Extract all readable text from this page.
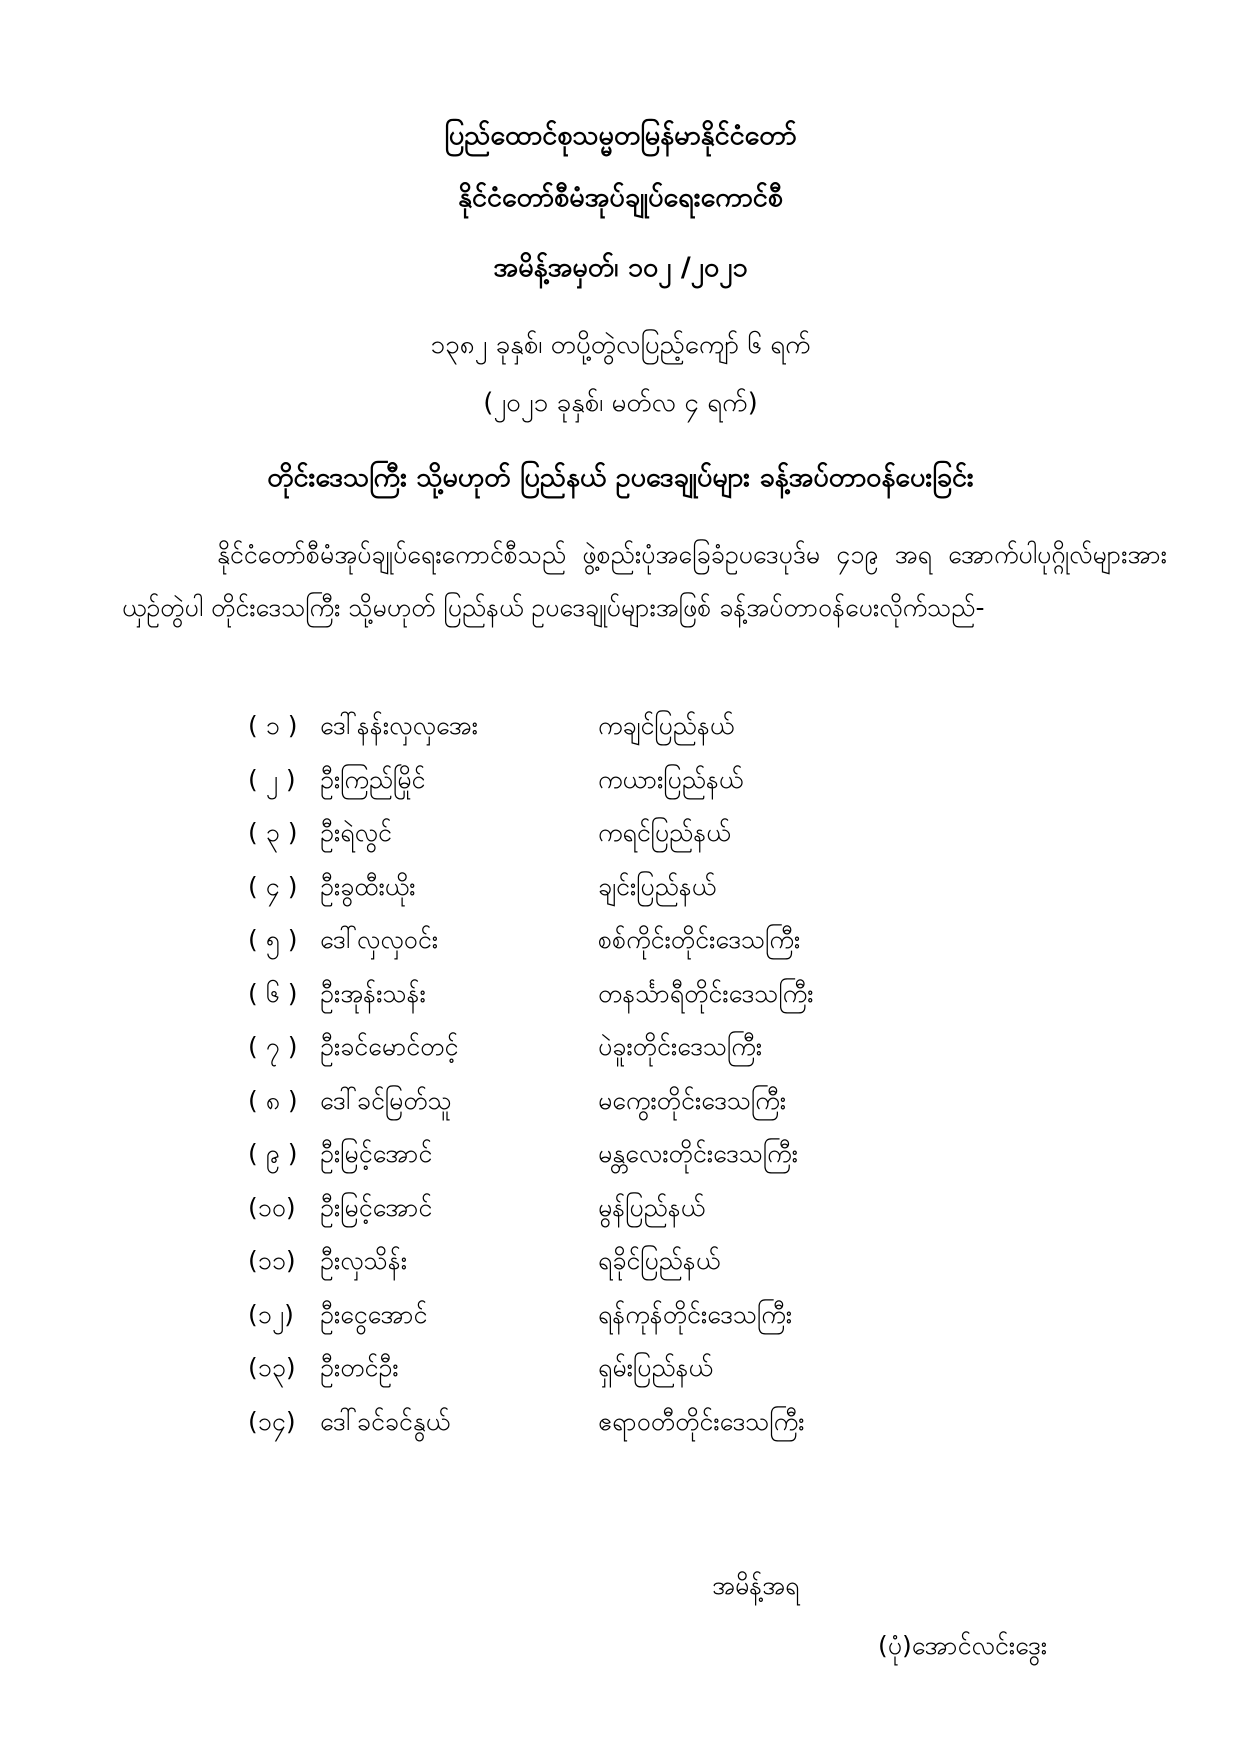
ပြည်ထောင်စုသမ္မတမြန်မာနိုင်ငံတော်
နိုင်ငံတော်စီမံအုပ်ချုပ်ရေးကောင်စီ
အမိန့်အမှတ်၊ ၁၀၂ /၂၀၂၁
၁၃၈၂ ခုနှစ်၊ တပို့တွဲလပြည့်ကျော် ၆ ရက်
(၂၀၂၁ ခုနှစ်၊ မတ်လ ၄ ရက်)
တိုင်းဒေသကြီး သို့မဟုတ် ပြည်နယ် ဥပဒေချုပ်များ ခန့်အပ်တာဝန်ပေးခြင်း
နိုင်ငံတော်စီမံအုပ်ချုပ်ရေးကောင်စီသည် ဖွဲ့စည်းပုံအခြေခံဥပဒေပုဒ်မ ၄၁၉ အရ အောက်ပါပုဂ္ဂိုလ်များအား ယှဉ်တွဲပါ တိုင်းဒေသကြီး သို့မဟုတ် ပြည်နယ် ဥပဒေချုပ်များအဖြစ် ခန့်အပ်တာဝန်ပေးလိုက်သည်-
( ၁ ) ဒေါ်နန်းလှလှအေး	ကချင်ပြည်နယ်
( ၂ ) ဦးကြည်မြိုင်	ကယားပြည်နယ်
( ၃ ) ဦးရဲလွင်	ကရင်ပြည်နယ်
( ၄ ) ဦးခွထီးယိုး	ချင်းပြည်နယ်
( ၅ ) ဒေါ်လှလှဝင်း	စစ်ကိုင်းတိုင်းဒေသကြီး
( ၆ ) ဦးအုန်းသန်း	တနင်္သာရီတိုင်းဒေသကြီး
( ၇ ) ဦးခင်မောင်တင့်	ပဲခူးတိုင်းဒေသကြီး
( ၈ ) ဒေါ်ခင်မြတ်သူ	မကွေးတိုင်းဒေသကြီး
( ၉ ) ဦးမြင့်အောင်	မန္တလေးတိုင်းဒေသကြီး
(၁၀) ဦးမြင့်အောင်	မွန်ပြည်နယ်
(၁၁) ဦးလှသိန်း	ရခိုင်ပြည်နယ်
(၁၂) ဦးငွေအောင်	ရန်ကုန်တိုင်းဒေသကြီး
(၁၃) ဦးတင်ဦး	ရှမ်းပြည်နယ်
(၁၄) ဒေါ်ခင်ခင်နွယ်	ဧရာဝတီတိုင်းဒေသကြီး
အမိန့်အရ
(ပုံ)အောင်လင်းဒွေး
